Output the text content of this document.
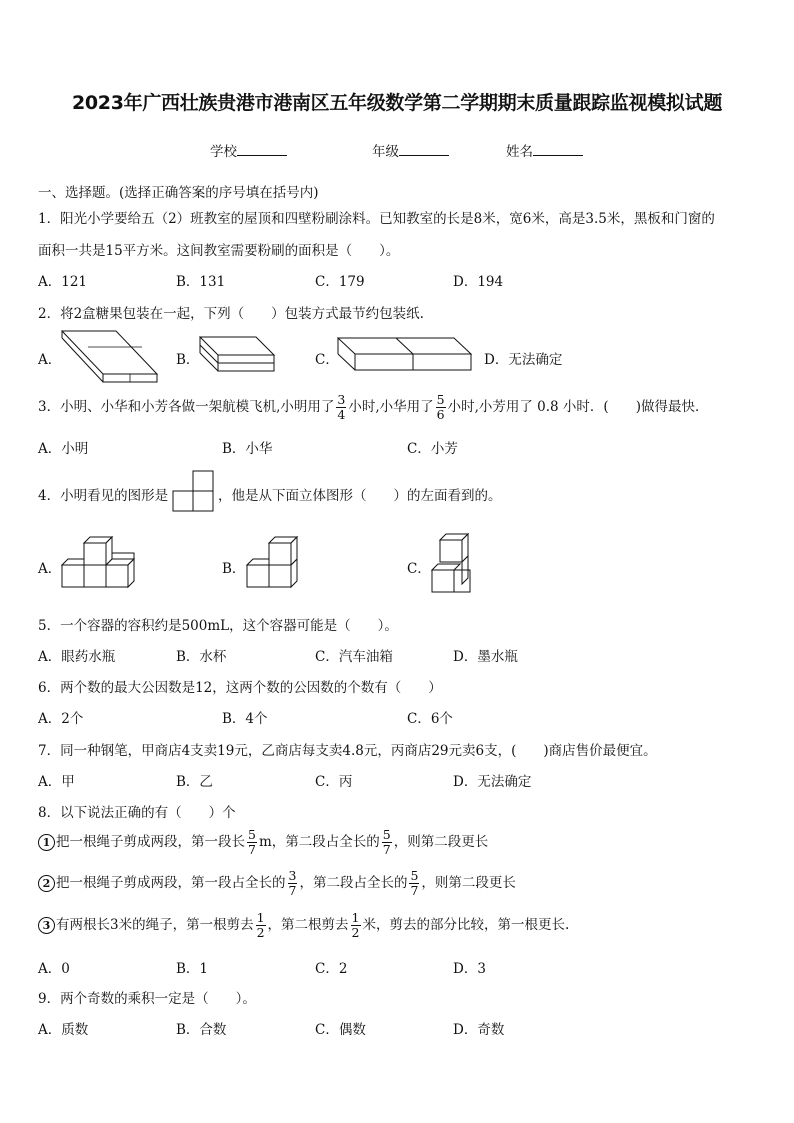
2023年广西壮族贵港市港南区五年级数学第二学期期末质量跟踪监视模拟试题
学校	年级	姓名
一、选择题。(选择正确答案的序号填在括号内)
1．阳光小学要给五（2）班教室的屋顶和四壁粉刷涂料。已知教室的长是8米，宽6米，高是3.5米，黑板和门窗的
面积一共是15平方米。这间教室需要粉刷的面积是（　　）。
A．121	B．131	C．179	D．194
2．将2盒糖果包装在一起，下列（　　）包装方式最节约包装纸.
A．	B．	C．	D．无法确定
3．小明、小华和小芳各做一架航模飞机,小明用了 $\frac{3}{4}$ 小时,小华用了 $\frac{5}{6}$ 小时,小芳用了 0.8 小时．(　　)做得最快．
A．小明	B．小华	C．小芳
4．小明看见的图形是	，他是从下面立体图形（　　）的左面看到的。
A．	B．	C．
5．一个容器的容积约是500mL，这个容器可能是（　　）。
A．眼药水瓶	B．水杯	C．汽车油箱	D．墨水瓶
6．两个数的最大公因数是12，这两个数的公因数的个数有（　　）
A．2个	B．4个	C．6个
7．同一种钢笔，甲商店4支卖19元，乙商店每支卖4.8元，丙商店29元卖6支，(　　)商店售价最便宜。
A．甲	B．乙	C．丙	D．无法确定
8．以下说法正确的有（　　）个
1 把一根绳子剪成两段，第一段长 $\frac{5}{7}$ m，第二段占全长的 $\frac{5}{7}$ ，则第二段更长
2 把一根绳子剪成两段，第一段占全长的 $\frac{3}{7}$ ，第二段占全长的 $\frac{5}{7}$ ，则第二段更长
3 有两根长3米的绳子，第一根剪去 $\frac{1}{2}$ ，第二根剪去 $\frac{1}{2}$ 米，剪去的部分比较，第一根更长.
A．0	B．1	C．2	D．3
9．两个奇数的乘积一定是（　　）。
A．质数	B．合数	C．偶数	D．奇数
